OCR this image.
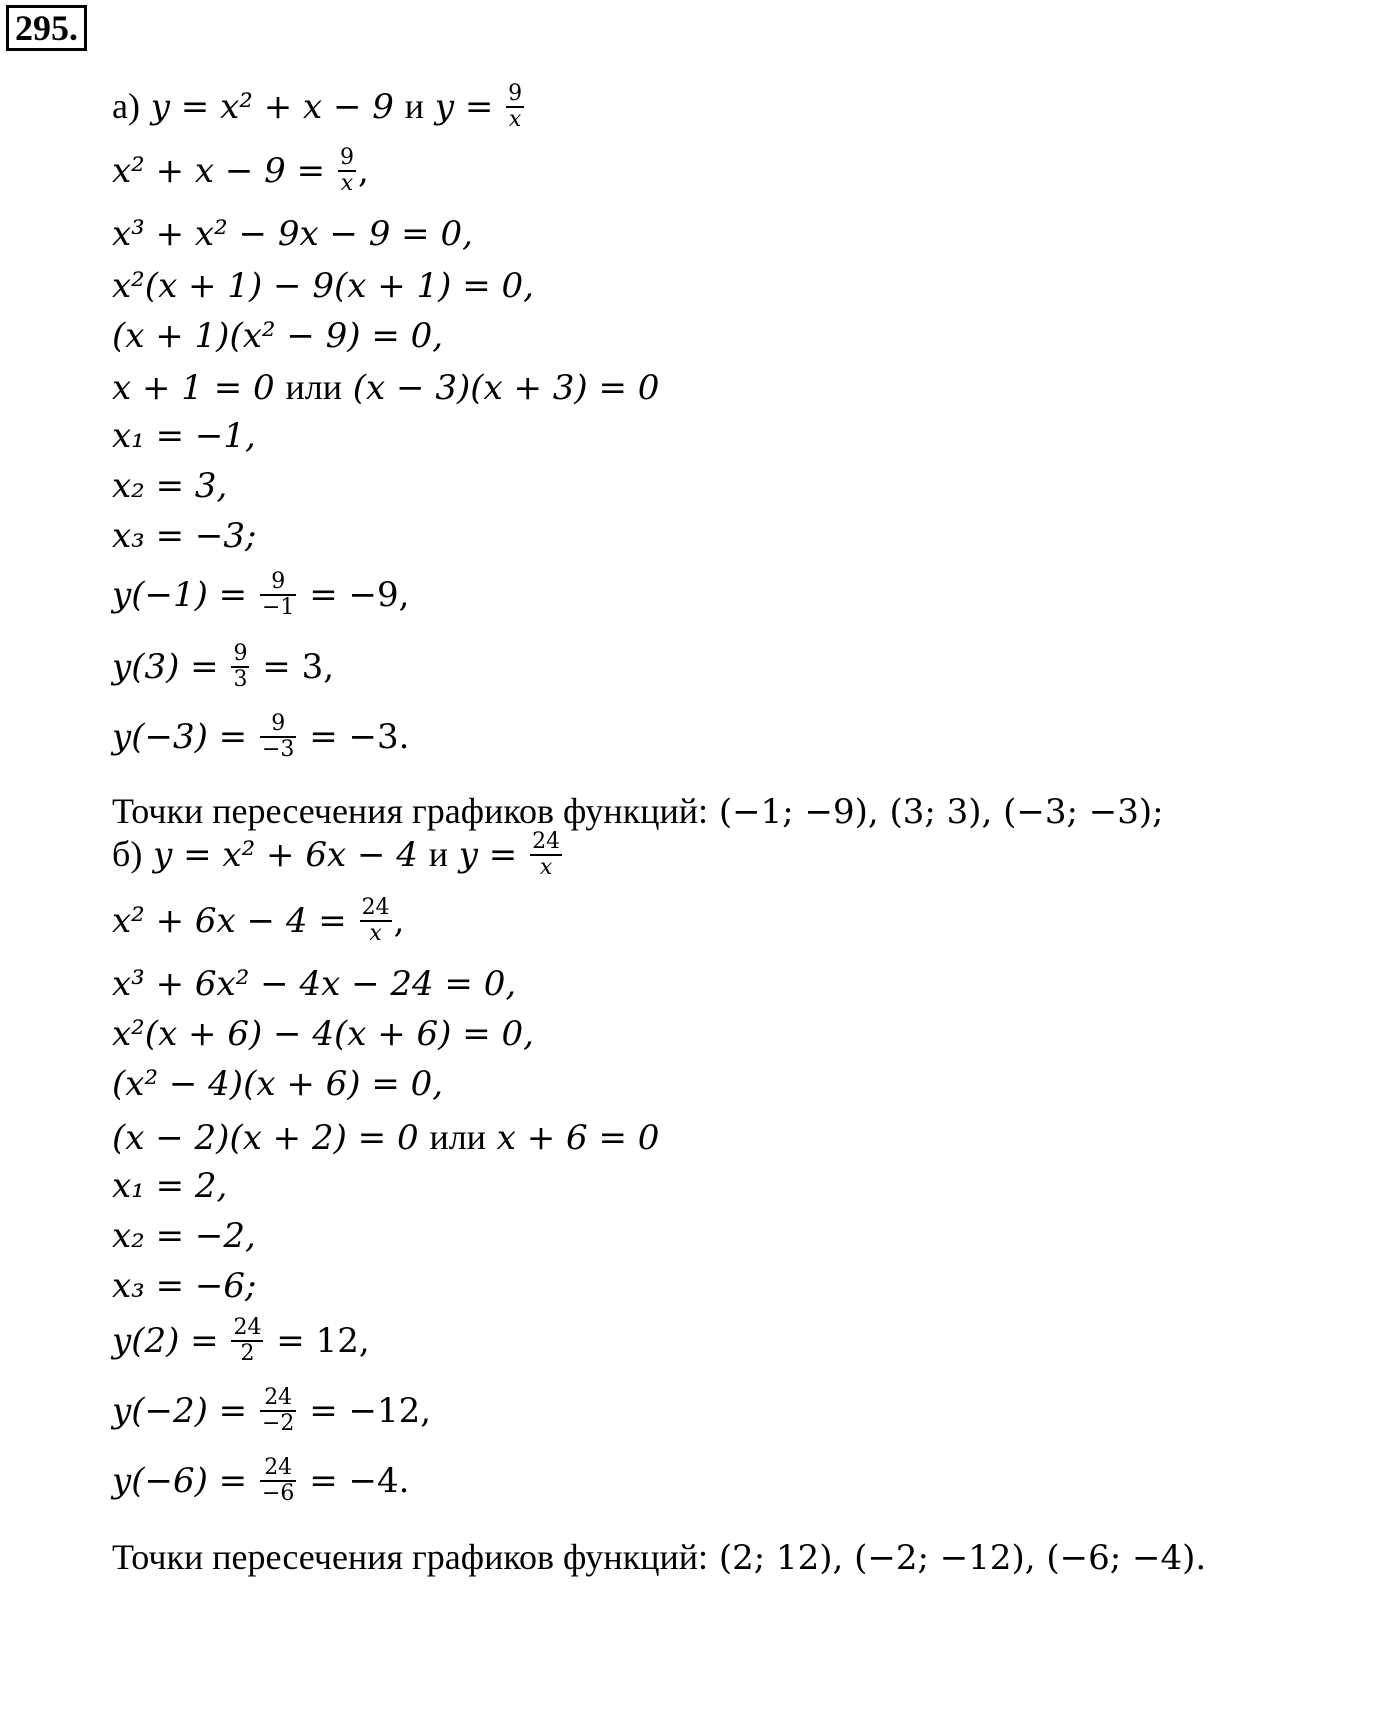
295.
а) y = x² + x − 9 и $y = \frac{9}{x}$
$x^2 + x - 9 = \frac{9}{x}$ ,
x³ + x² − 9x − 9 = 0,
x²(x + 1) − 9(x + 1) = 0,
(x + 1)(x² − 9) = 0,
x + 1 = 0 или (x − 3)(x + 3) = 0
x₁ = −1,
x₂ = 3,
x₃ = −3;
$y(-1) = \frac{9}{-1} = -9$,
$y(3) = \frac{9}{3} = 3$,
$y(-3) = \frac{9}{-3} = -3$.
Точки пересечения графиков функций: (−1; −9), (3; 3), (−3; −3);
б) y = x² + 6x − 4 и $y = \frac{24}{x}$
$x^2 + 6x - 4 = \frac{24}{x}$ ,
x³ + 6x² − 4x − 24 = 0,
x²(x + 6) − 4(x + 6) = 0,
(x² − 4)(x + 6) = 0,
(x − 2)(x + 2) = 0 или x + 6 = 0
x₁ = 2,
x₂ = −2,
x₃ = −6;
$y(2) = \frac{24}{2} = 12$,
$y(-2) = \frac{24}{-2} = -12$,
$y(-6) = \frac{24}{-6} = -4$.
Точки пересечения графиков функций: (2; 12), (−2; −12), (−6; −4).
